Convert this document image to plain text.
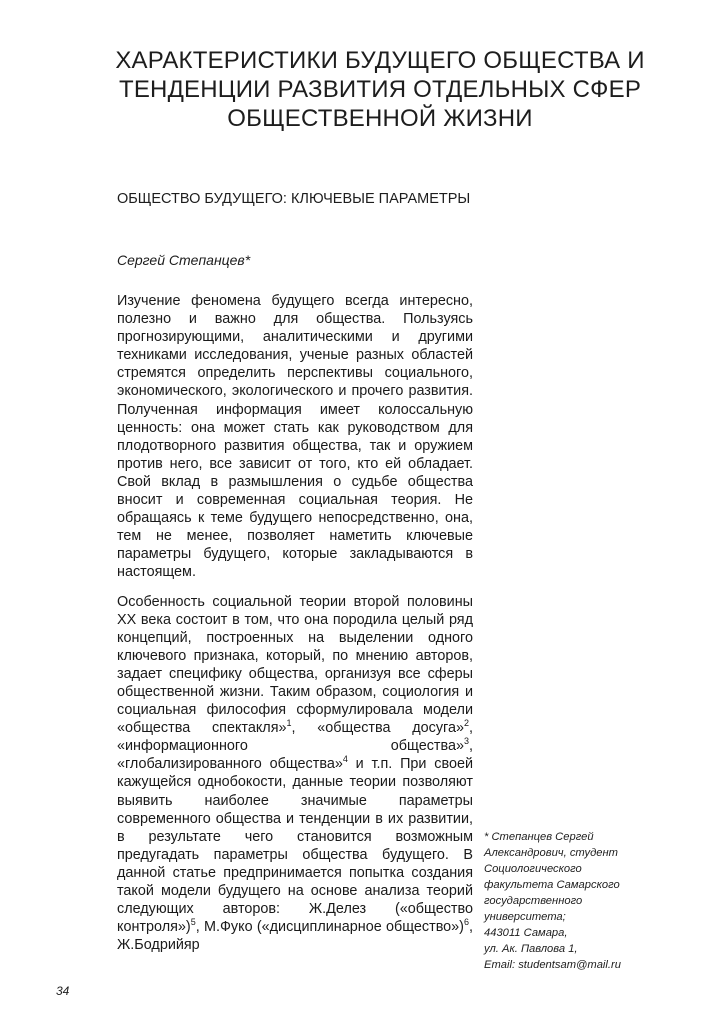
ХАРАКТЕРИСТИКИ БУДУЩЕГО ОБЩЕСТВА И ТЕНДЕНЦИИ РАЗВИТИЯ ОТДЕЛЬНЫХ СФЕР ОБЩЕСТВЕННОЙ ЖИЗНИ
ОБЩЕСТВО БУДУЩЕГО: КЛЮЧЕВЫЕ ПАРАМЕТРЫ
Сергей Степанцев*

Изучение феномена будущего всегда интересно, полезно и важно для общества. Пользуясь прогнозирующими, аналитическими и другими техниками исследования, ученые разных областей стремятся определить перспективы социального, экономического, экологического и прочего развития. Полученная информация имеет колоссальную ценность: она может стать как руководством для плодотворного развития общества, так и оружием против него, все зависит от того, кто ей обладает. Свой вклад в размышления о судьбе общества вносит и современная социальная теория. Не обращаясь к теме будущего непосредственно, она, тем не менее, позволяет наметить ключевые параметры будущего, которые закладываются в настоящем.

Особенность социальной теории второй половины XX века состоит в том, что она породила целый ряд концепций, построенных на выделении одного ключевого признака, который, по мнению авторов, задает специфику общества, организуя все сферы общественной жизни. Таким образом, социология и социальная философия сформулировала модели «общества спектакля»$^1$, «общества досуга»$^2$, «информационного общества»$^3$, «глобализированного общества»$^4$ и т.п. При своей кажущейся однобокости, данные теории позволяют выявить наиболее значимые параметры современного общества и тенденции в их развитии, в результате чего становится возможным предугадать параметры общества будущего. В данной статье предпринимается попытка создания такой модели будущего на основе анализа теорий следующих авторов: Ж.Делез («общество контроля»)$^5$, М.Фуко («дисциплинарное общество»)$^6$, Ж.Бодрийяр

* Степанцев Сергей
Александрович, студент
Социологического
факультета Самарского
государственного
университета;
443011 Самара,
ул. Ак. Павлова 1,
Email: studentsam@mail.ru
34
